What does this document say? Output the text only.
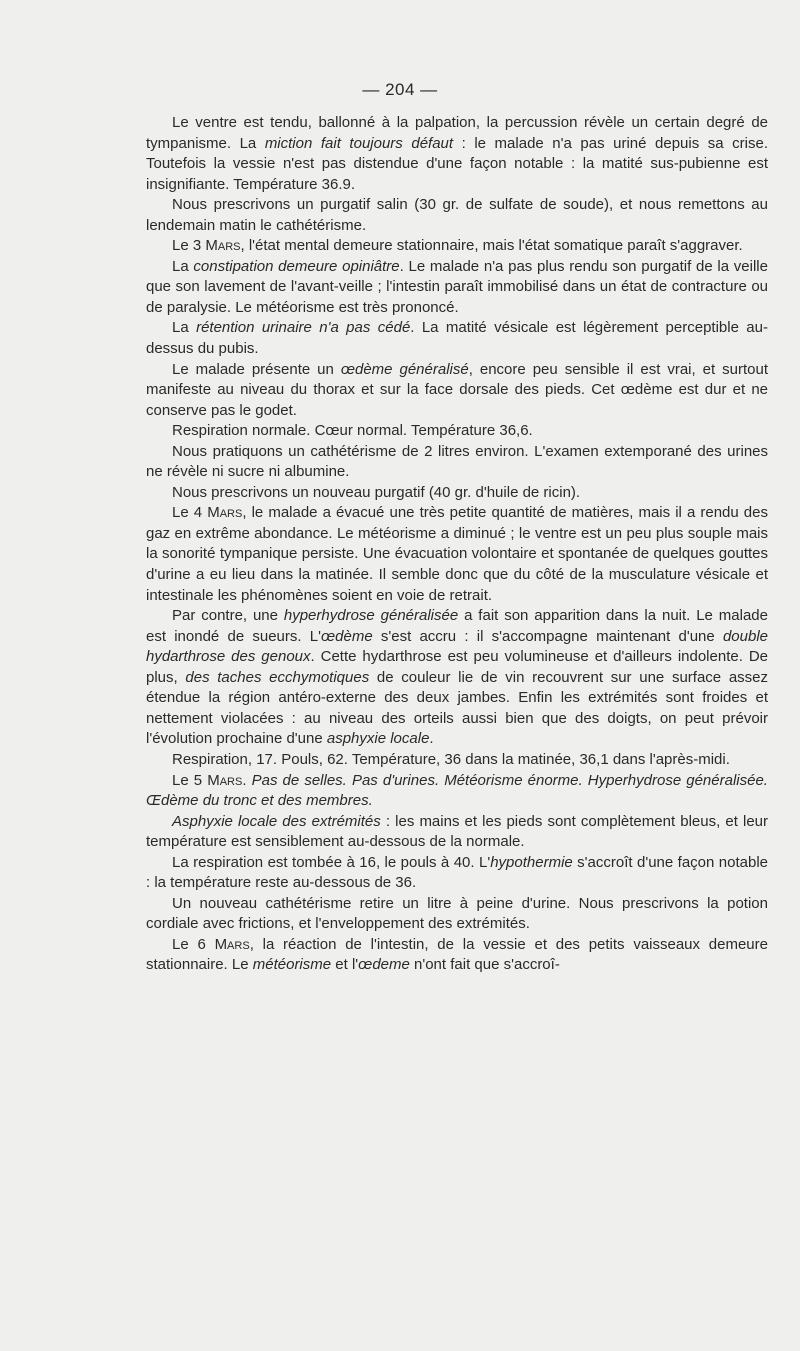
— 204 —

Le ventre est tendu, ballonné à la palpation, la percussion révèle un certain degré de tympanisme. La miction fait toujours défaut : le malade n'a pas uriné depuis sa crise. Toutefois la vessie n'est pas distendue d'une façon notable : la matité sus-pubienne est insignifiante. Température 36.9.

Nous prescrivons un purgatif salin (30 gr. de sulfate de soude), et nous remettons au lendemain matin le cathétérisme.

Le 3 Mars, l'état mental demeure stationnaire, mais l'état somatique paraît s'aggraver.

La constipation demeure opiniâtre. Le malade n'a pas plus rendu son purgatif de la veille que son lavement de l'avant-veille ; l'intestin paraît immobilisé dans un état de contracture ou de paralysie. Le météorisme est très prononcé.

La rétention urinaire n'a pas cédé. La matité vésicale est légèrement perceptible au-dessus du pubis.

Le malade présente un œdème généralisé, encore peu sensible il est vrai, et surtout manifeste au niveau du thorax et sur la face dorsale des pieds. Cet œdème est dur et ne conserve pas le godet.

Respiration normale. Cœur normal. Température 36,6.

Nous pratiquons un cathétérisme de 2 litres environ. L'examen extemporané des urines ne révèle ni sucre ni albumine.

Nous prescrivons un nouveau purgatif (40 gr. d'huile de ricin).

Le 4 Mars, le malade a évacué une très petite quantité de matières, mais il a rendu des gaz en extrême abondance. Le météorisme a diminué ; le ventre est un peu plus souple mais la sonorité tympanique persiste. Une évacuation volontaire et spontanée de quelques gouttes d'urine a eu lieu dans la matinée. Il semble donc que du côté de la musculature vésicale et intestinale les phénomènes soient en voie de retrait.

Par contre, une hyperhydrose généralisée a fait son apparition dans la nuit. Le malade est inondé de sueurs. L'œdème s'est accru : il s'accompagne maintenant d'une double hydarthrose des genoux. Cette hydarthrose est peu volumineuse et d'ailleurs indolente. De plus, des taches ecchymotiques de couleur lie de vin recouvrent sur une surface assez étendue la région antéro-externe des deux jambes. Enfin les extrémités sont froides et nettement violacées : au niveau des orteils aussi bien que des doigts, on peut prévoir l'évolution prochaine d'une asphyxie locale.

Respiration, 17. Pouls, 62. Température, 36 dans la matinée, 36,1 dans l'après-midi.

Le 5 Mars. Pas de selles. Pas d'urines. Météorisme énorme. Hyperhydrose généralisée. Œdème du tronc et des membres.

Asphyxie locale des extrémités : les mains et les pieds sont complètement bleus, et leur température est sensiblement au-dessous de la normale.

La respiration est tombée à 16, le pouls à 40. L'hypothermie s'accroît d'une façon notable : la température reste au-dessous de 36.

Un nouveau cathétérisme retire un litre à peine d'urine. Nous prescrivons la potion cordiale avec frictions, et l'enveloppement des extrémités.

Le 6 Mars, la réaction de l'intestin, de la vessie et des petits vaisseaux demeure stationnaire. Le météorisme et l'œdeme n'ont fait que s'accroî-
